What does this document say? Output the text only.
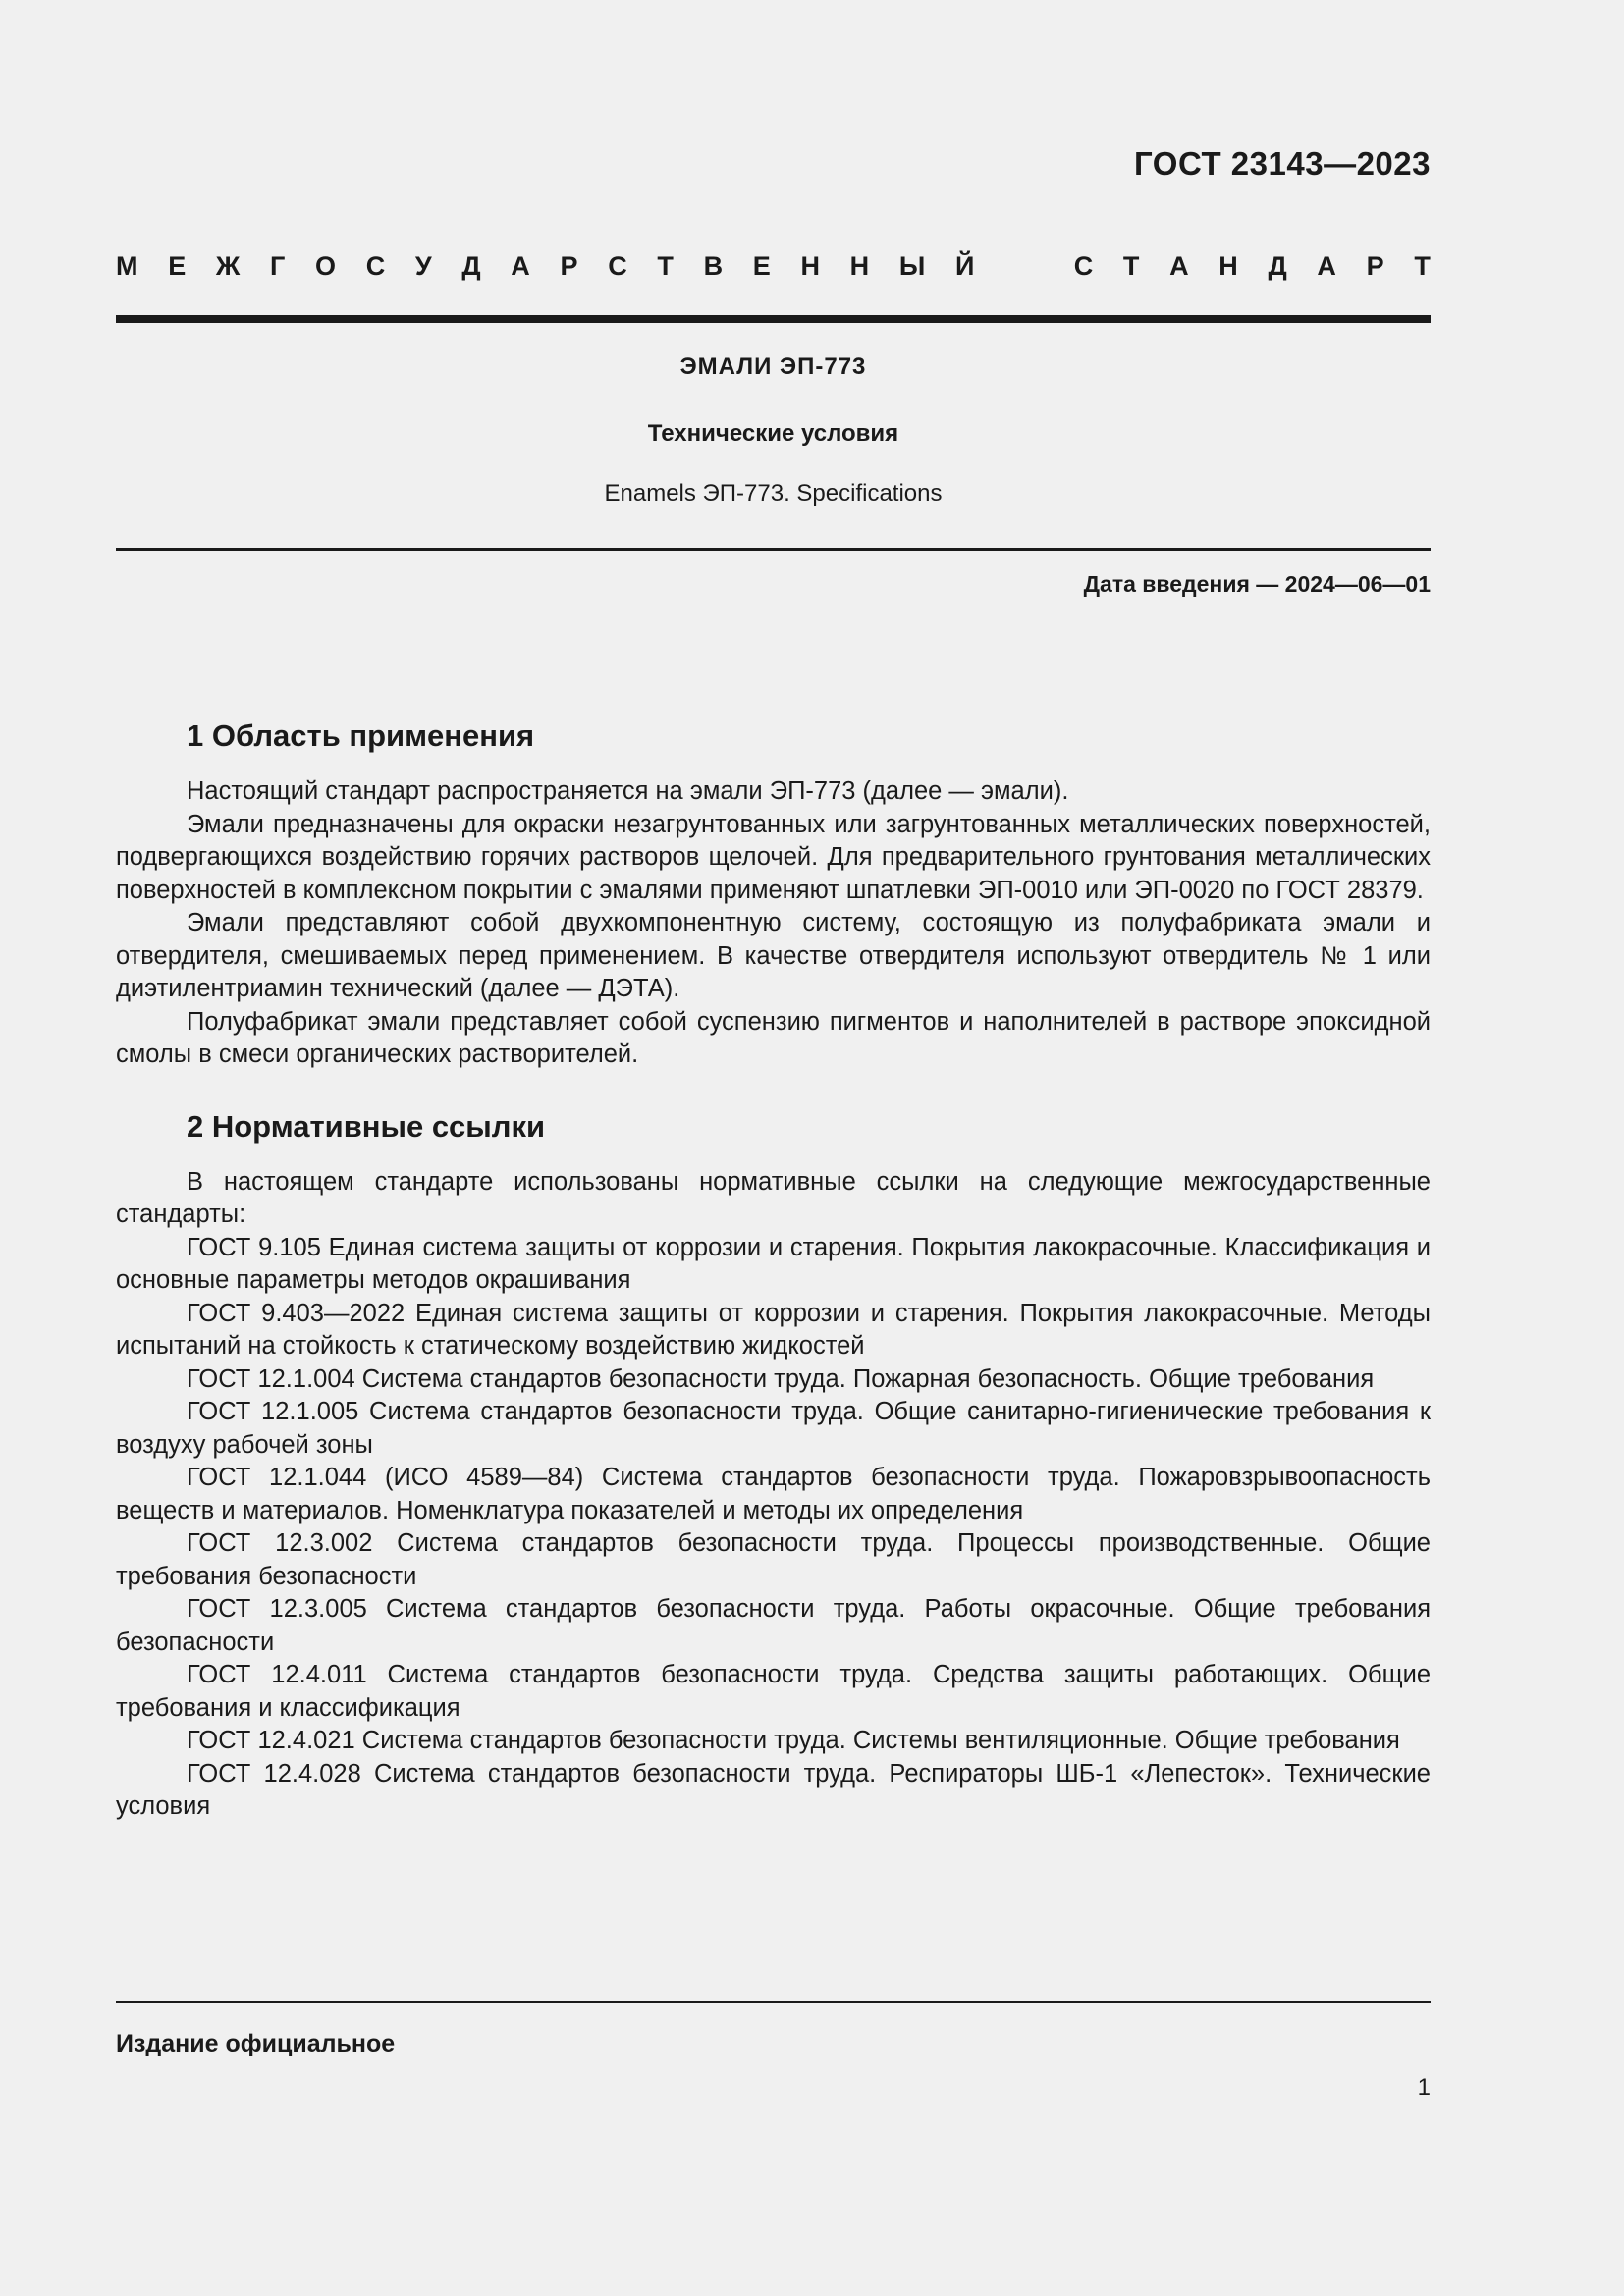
ГОСТ 23143—2023
М Е Ж Г О С У Д А Р С Т В Е Н Н Ы Й	С Т А Н Д А Р Т
ЭМАЛИ ЭП-773
Технические условия
Enamels ЭП-773. Specifications
Дата введения — 2024—06—01
1 Область применения

Настоящий стандарт распространяется на эмали ЭП-773 (далее — эмали).

Эмали предназначены для окраски незагрунтованных или загрунтованных металлических поверхностей, подвергающихся воздействию горячих растворов щелочей. Для предварительного грунтования металлических поверхностей в комплексном покрытии с эмалями применяют шпатлевки ЭП-0010 или ЭП-0020 по ГОСТ 28379.

Эмали представляют собой двухкомпонентную систему, состоящую из полуфабриката эмали и отвердителя, смешиваемых перед применением. В качестве отвердителя используют отвердитель № 1 или диэтилентриамин технический (далее — ДЭТА).

Полуфабрикат эмали представляет собой суспензию пигментов и наполнителей в растворе эпоксидной смолы в смеси органических растворителей.

2 Нормативные ссылки

В настоящем стандарте использованы нормативные ссылки на следующие межгосударственные стандарты:

ГОСТ 9.105 Единая система защиты от коррозии и старения. Покрытия лакокрасочные. Классификация и основные параметры методов окрашивания

ГОСТ 9.403—2022 Единая система защиты от коррозии и старения. Покрытия лакокрасочные. Методы испытаний на стойкость к статическому воздействию жидкостей

ГОСТ 12.1.004 Система стандартов безопасности труда. Пожарная безопасность. Общие требования

ГОСТ 12.1.005 Система стандартов безопасности труда. Общие санитарно-гигиенические требования к воздуху рабочей зоны

ГОСТ 12.1.044 (ИСО 4589—84) Система стандартов безопасности труда. Пожаровзрывоопасность веществ и материалов. Номенклатура показателей и методы их определения

ГОСТ 12.3.002 Система стандартов безопасности труда. Процессы производственные. Общие требования безопасности

ГОСТ 12.3.005 Система стандартов безопасности труда. Работы окрасочные. Общие требования безопасности

ГОСТ 12.4.011 Система стандартов безопасности труда. Средства защиты работающих. Общие требования и классификация

ГОСТ 12.4.021 Система стандартов безопасности труда. Системы вентиляционные. Общие требования

ГОСТ 12.4.028 Система стандартов безопасности труда. Респираторы ШБ-1 «Лепесток». Технические условия

Издание официальное
1
